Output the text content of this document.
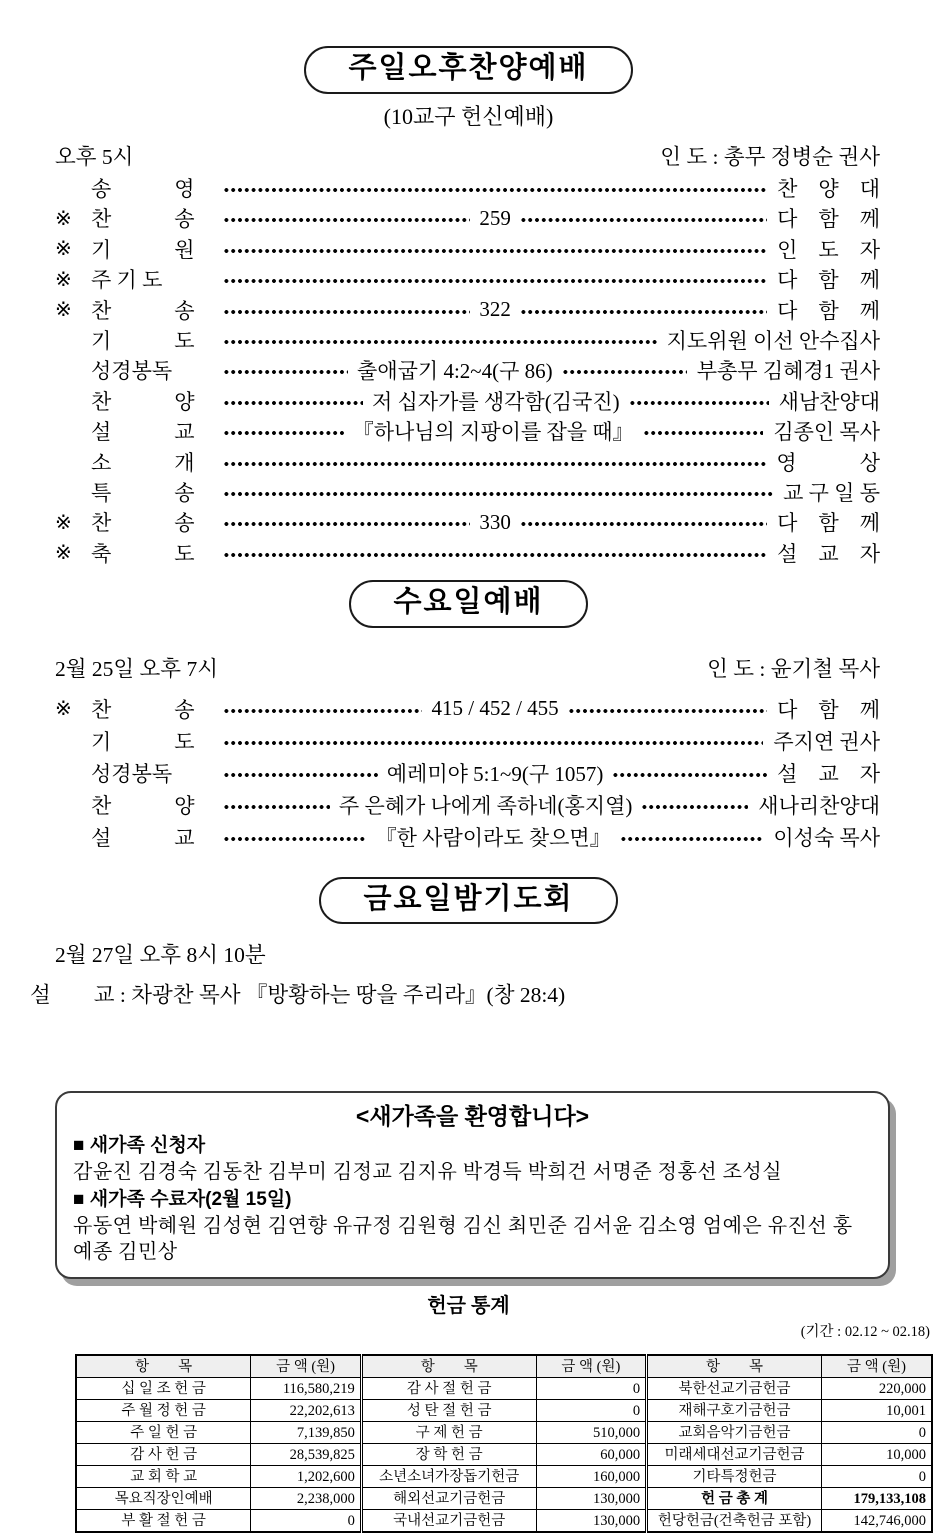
주일오후찬양예배
(10교구 헌신예배)
오후 5시	인 도 : 총무 정병순 권사
송　　　영	찬　양　대
※ 찬　　　송	259	다　함　께
※ 기　　　원	인　도　자
※ 주 기 도	다　함　께
※ 찬　　　송	322	다　함　께
기　　　도	지도위원 이선 안수집사
성경봉독	출애굽기 4:2~4(구 86)	부총무 김혜경1 권사
찬　　　양	저 십자가를 생각함(김국진)	새남찬양대
설　　　교	『하나님의 지팡이를 잡을 때』	김종인 목사
소　　　개	영　　　상
특　　　송	교 구 일 동
※ 찬　　　송	330	다　함　께
※ 축　　　도	설　교　자
수요일예배
2월 25일 오후 7시	인 도 : 윤기철 목사
※ 찬　　　송	415 / 452 / 455	다　함　께
기　　　도	주지연 권사
성경봉독	예레미야 5:1~9(구 1057)	설　교　자
찬　　　양	주 은혜가 나에게 족하네(홍지열)	새나리찬양대
설　　　교	『한 사람이라도 찾으면』	이성숙 목사
금요일밤기도회
2월 27일 오후 8시 10분
설　　교 : 차광찬 목사 『방황하는 땅을 주리라』(창 28:4)
<새가족을 환영합니다>
■ 새가족 신청자
감윤진 김경숙 김동찬 김부미 김정교 김지유 박경득 박희건 서명준 정홍선 조성실
■ 새가족 수료자(2월 15일)
유동연 박혜원 김성현 김연향 유규정 김원형 김신 최민준 김서윤 김소영 엄예은 유진선 홍예종 김민상
헌금 통계
(기간 : 02.12 ~ 02.18)
항　　목	금 액 (원)	항　　목	금 액 (원)	항　　목	금 액 (원)
십 일 조 헌 금	116,580,219	감 사 절 헌 금	0	북한선교기금헌금	220,000
주 월 정 헌 금	22,202,613	성 탄 절 헌 금	0	재해구호기금헌금	10,001
주 일 헌 금	7,139,850	구 제 헌 금	510,000	교회음악기금헌금	0
감 사 헌 금	28,539,825	장 학 헌 금	60,000	미래세대선교기금헌금	10,000
교 회 학 교	1,202,600	소년소녀가장돕기헌금	160,000	기타특정헌금	0
목요직장인예배	2,238,000	해외선교기금헌금	130,000	헌 금 총 계	179,133,108
부 활 절 헌 금	0	국내선교기금헌금	130,000	헌당헌금(건축헌금 포함)	142,746,000
